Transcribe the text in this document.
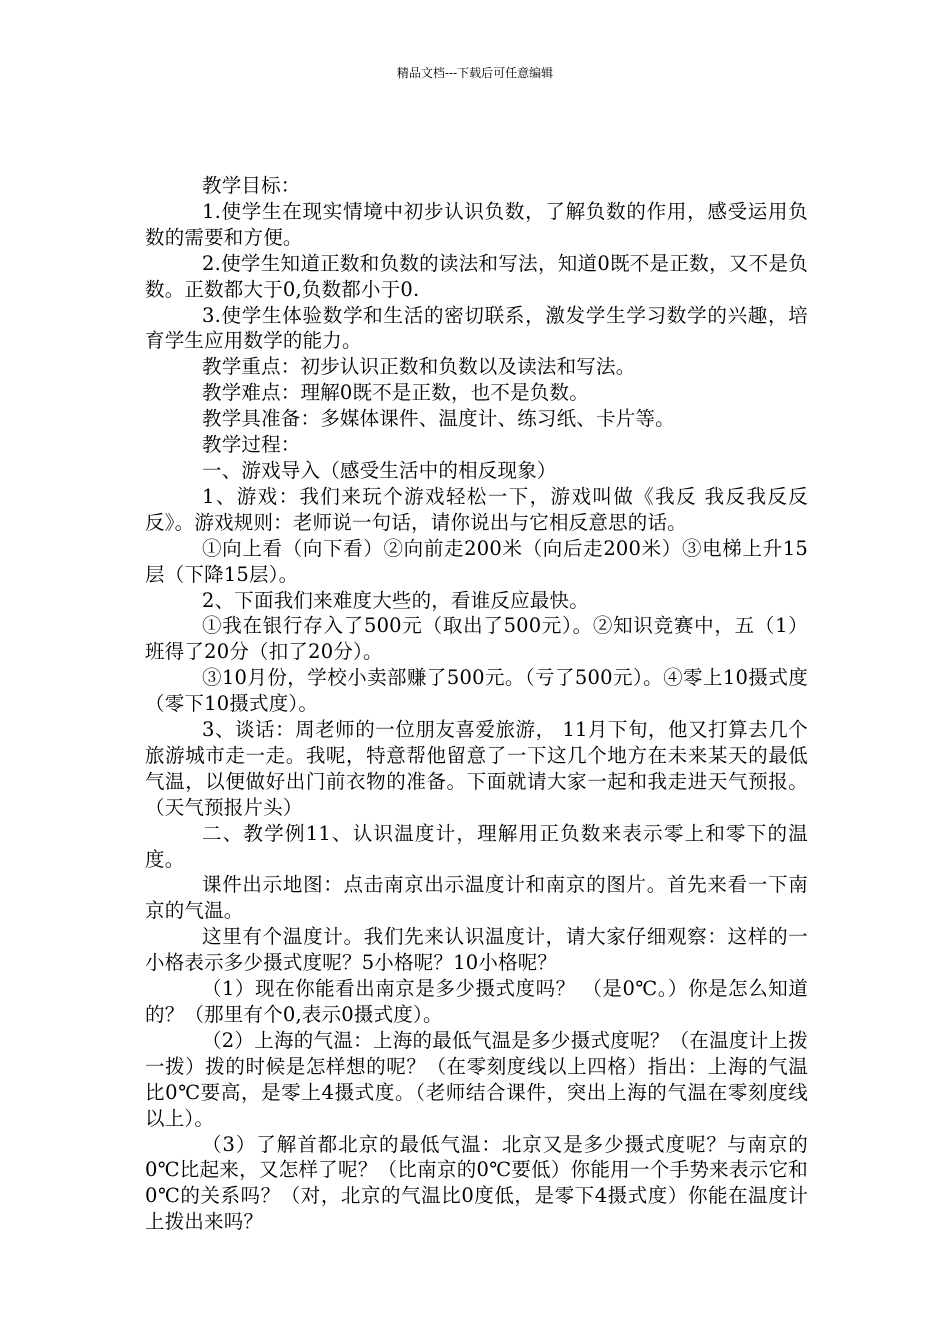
精品文档---下载后可任意编辑

教学目标：

1.使学生在现实情境中初步认识负数，了解负数的作用，感受运用负数的需要和方便。

2.使学生知道正数和负数的读法和写法，知道0既不是正数，又不是负数。正数都大于0,负数都小于0.

3.使学生体验数学和生活的密切联系，激发学生学习数学的兴趣，培育学生应用数学的能力。

教学重点：初步认识正数和负数以及读法和写法。

教学难点：理解0既不是正数，也不是负数。

教学具准备：多媒体课件、温度计、练习纸、卡片等。

教学过程：

一、游戏导入（感受生活中的相反现象）

1、游戏：我们来玩个游戏轻松一下，游戏叫做《我反 我反我反反反》。游戏规则：老师说一句话，请你说出与它相反意思的话。

①向上看（向下看）②向前走200米（向后走200米）③电梯上升15层（下降15层）。

2、下面我们来难度大些的，看谁反应最快。

①我在银行存入了500元（取出了500元）。②知识竞赛中，五（1）班得了20分（扣了20分）。

③10月份，学校小卖部赚了500元。（亏了500元）。④零上10摄式度（零下10摄式度）。

3、谈话：周老师的一位朋友喜爱旅游， 11月下旬，他又打算去几个旅游城市走一走。我呢，特意帮他留意了一下这几个地方在未来某天的最低气温，以便做好出门前衣物的准备。下面就请大家一起和我走进天气预报。（天气预报片头）

二、教学例11、认识温度计，理解用正负数来表示零上和零下的温度。

课件出示地图：点击南京出示温度计和南京的图片。首先来看一下南京的气温。

这里有个温度计。我们先来认识温度计，请大家仔细观察：这样的一小格表示多少摄式度呢？5小格呢？10小格呢？

（1）现在你能看出南京是多少摄式度吗？ （是0℃。）你是怎么知道的？（那里有个0,表示0摄式度）。

（2）上海的气温：上海的最低气温是多少摄式度呢？（在温度计上拨一拨）拨的时候是怎样想的呢？（在零刻度线以上四格）指出：上海的气温比0℃要高，是零上4摄式度。（老师结合课件，突出上海的气温在零刻度线以上）。

（3）了解首都北京的最低气温：北京又是多少摄式度呢？与南京的0℃比起来，又怎样了呢？（比南京的0℃要低）你能用一个手势来表示它和0℃的关系吗？（对，北京的气温比0度低，是零下4摄式度）你能在温度计上拨出来吗？
